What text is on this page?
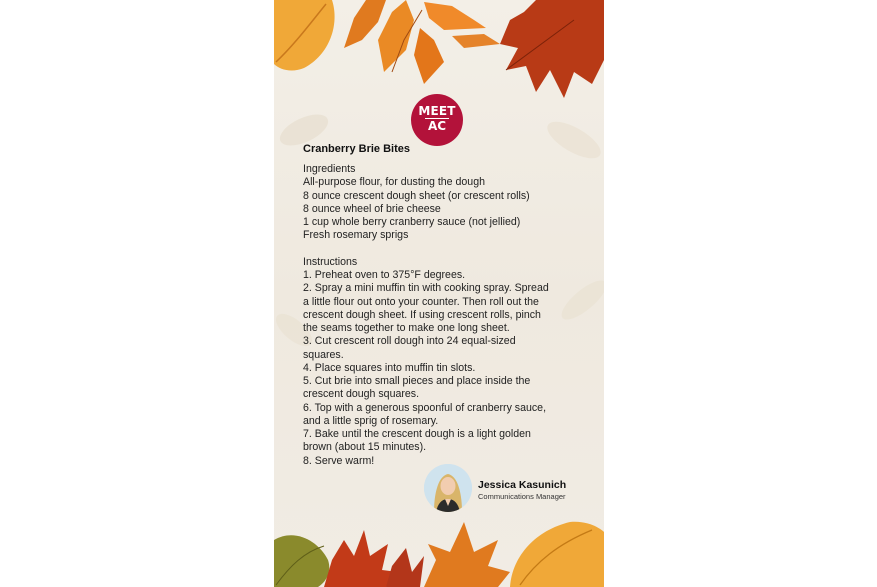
MEET
AC
Cranberry Brie Bites
Ingredients
All-purpose flour, for dusting the dough
8 ounce crescent dough sheet (or crescent rolls)
8 ounce wheel of brie cheese
1 cup whole berry cranberry sauce (not jellied)
Fresh rosemary sprigs
Instructions
1. Preheat oven to 375°F degrees.
2. Spray a mini muffin tin with cooking spray. Spread
a little flour out onto your counter. Then roll out the
crescent dough sheet. If using crescent rolls, pinch
the seams together to make one long sheet.
3. Cut crescent roll dough into 24 equal-sized
squares.
4. Place squares into muffin tin slots.
5. Cut brie into small pieces and place inside the
crescent dough squares.
6. Top with a generous spoonful of cranberry sauce,
and a little sprig of rosemary.
7. Bake until the crescent dough is a light golden
brown (about 15 minutes).
8. Serve warm!
Jessica Kasunich
Communications Manager
